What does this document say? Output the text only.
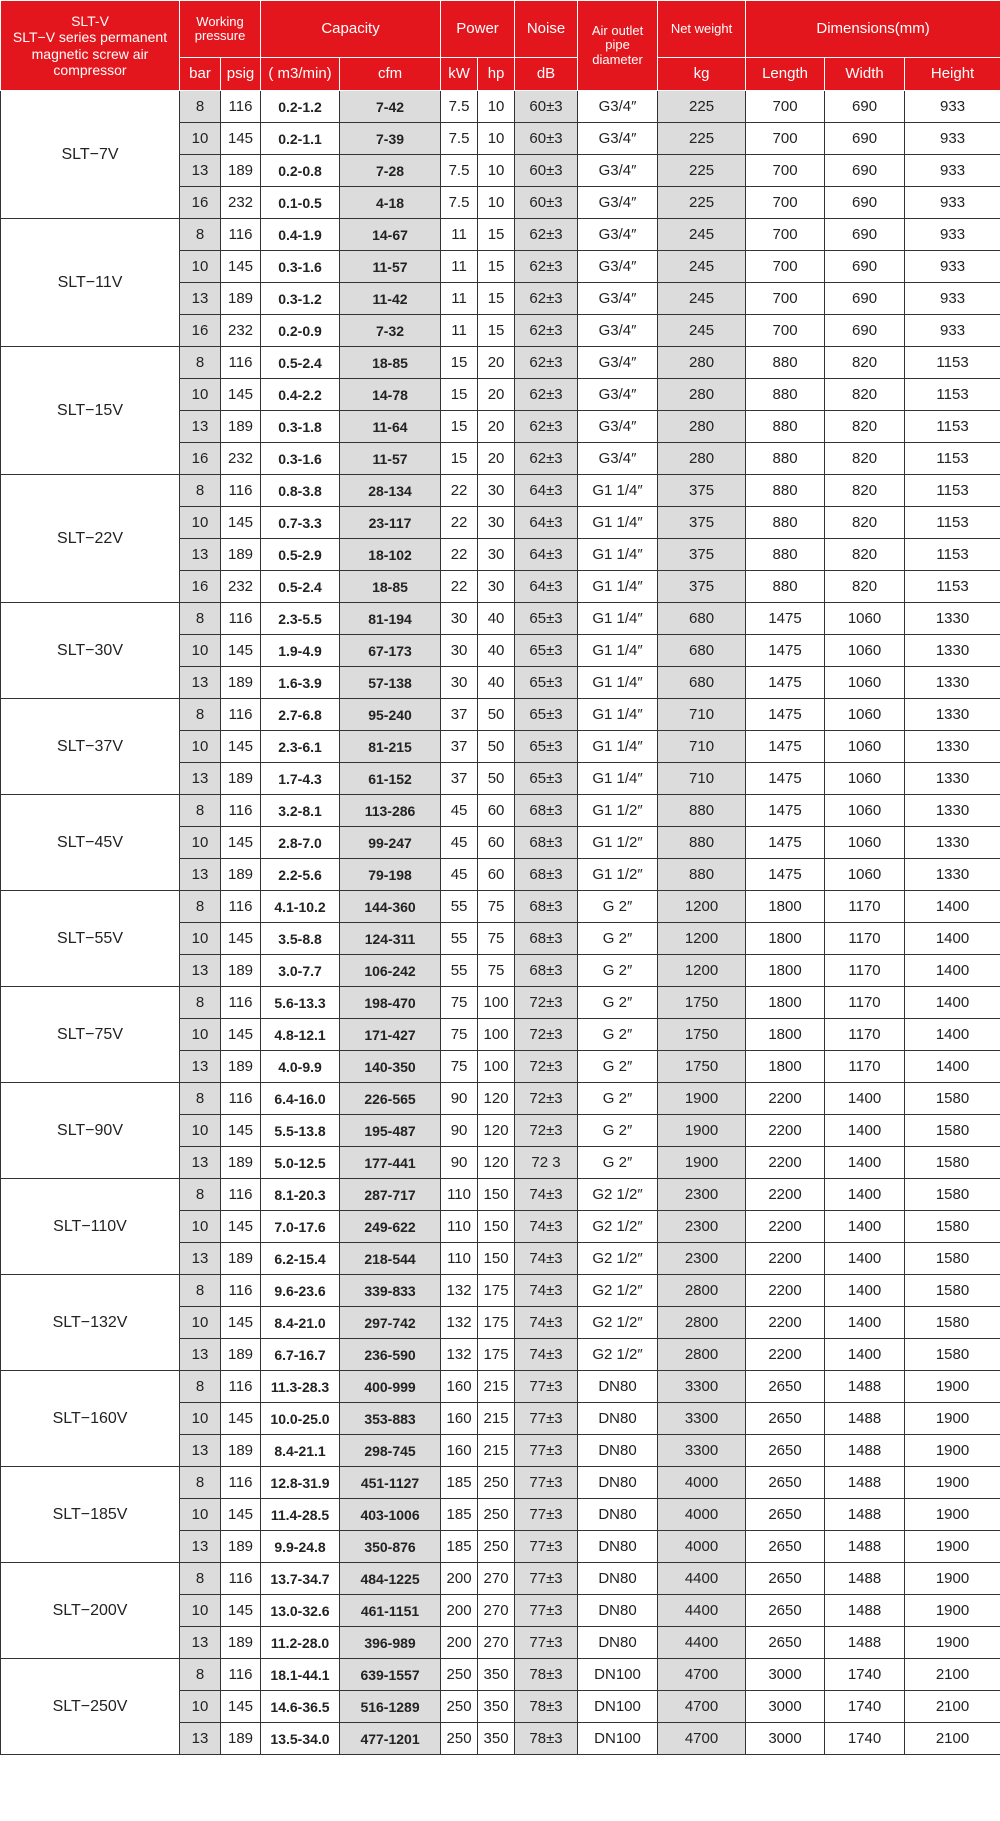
SLT-V
SLT−V series permanent
magnetic screw air
compressor	Working
pressure		Capacity		Power		Noise	Air outlet
pipe
diameter	Net weight	Dimensions(mm)		
	bar	psig	( m3/min)	cfm	kW	hp	dB		kg	Length	Width	Height
SLT−7V	8	116	0.2-1.2	7-42	7.5	10	60±3	G3/4″	225	700	690	933
	10	145	0.2-1.1	7-39	7.5	10	60±3	G3/4″	225	700	690	933
	13	189	0.2-0.8	7-28	7.5	10	60±3	G3/4″	225	700	690	933
	16	232	0.1-0.5	4-18	7.5	10	60±3	G3/4″	225	700	690	933
SLT−11V	8	116	0.4-1.9	14-67	11	15	62±3	G3/4″	245	700	690	933
	10	145	0.3-1.6	11-57	11	15	62±3	G3/4″	245	700	690	933
	13	189	0.3-1.2	11-42	11	15	62±3	G3/4″	245	700	690	933
	16	232	0.2-0.9	7-32	11	15	62±3	G3/4″	245	700	690	933
SLT−15V	8	116	0.5-2.4	18-85	15	20	62±3	G3/4″	280	880	820	1153
	10	145	0.4-2.2	14-78	15	20	62±3	G3/4″	280	880	820	1153
	13	189	0.3-1.8	11-64	15	20	62±3	G3/4″	280	880	820	1153
	16	232	0.3-1.6	11-57	15	20	62±3	G3/4″	280	880	820	1153
SLT−22V	8	116	0.8-3.8	28-134	22	30	64±3	G1 1/4″	375	880	820	1153
	10	145	0.7-3.3	23-117	22	30	64±3	G1 1/4″	375	880	820	1153
	13	189	0.5-2.9	18-102	22	30	64±3	G1 1/4″	375	880	820	1153
	16	232	0.5-2.4	18-85	22	30	64±3	G1 1/4″	375	880	820	1153
SLT−30V	8	116	2.3-5.5	81-194	30	40	65±3	G1 1/4″	680	1475	1060	1330
	10	145	1.9-4.9	67-173	30	40	65±3	G1 1/4″	680	1475	1060	1330
	13	189	1.6-3.9	57-138	30	40	65±3	G1 1/4″	680	1475	1060	1330
SLT−37V	8	116	2.7-6.8	95-240	37	50	65±3	G1 1/4″	710	1475	1060	1330
	10	145	2.3-6.1	81-215	37	50	65±3	G1 1/4″	710	1475	1060	1330
	13	189	1.7-4.3	61-152	37	50	65±3	G1 1/4″	710	1475	1060	1330
SLT−45V	8	116	3.2-8.1	113-286	45	60	68±3	G1 1/2″	880	1475	1060	1330
	10	145	2.8-7.0	99-247	45	60	68±3	G1 1/2″	880	1475	1060	1330
	13	189	2.2-5.6	79-198	45	60	68±3	G1 1/2″	880	1475	1060	1330
SLT−55V	8	116	4.1-10.2	144-360	55	75	68±3	G 2″	1200	1800	1170	1400
	10	145	3.5-8.8	124-311	55	75	68±3	G 2″	1200	1800	1170	1400
	13	189	3.0-7.7	106-242	55	75	68±3	G 2″	1200	1800	1170	1400
SLT−75V	8	116	5.6-13.3	198-470	75	100	72±3	G 2″	1750	1800	1170	1400
	10	145	4.8-12.1	171-427	75	100	72±3	G 2″	1750	1800	1170	1400
	13	189	4.0-9.9	140-350	75	100	72±3	G 2″	1750	1800	1170	1400
SLT−90V	8	116	6.4-16.0	226-565	90	120	72±3	G 2″	1900	2200	1400	1580
	10	145	5.5-13.8	195-487	90	120	72±3	G 2″	1900	2200	1400	1580
	13	189	5.0-12.5	177-441	90	120	72 3	G 2″	1900	2200	1400	1580
SLT−110V	8	116	8.1-20.3	287-717	110	150	74±3	G2 1/2″	2300	2200	1400	1580
	10	145	7.0-17.6	249-622	110	150	74±3	G2 1/2″	2300	2200	1400	1580
	13	189	6.2-15.4	218-544	110	150	74±3	G2 1/2″	2300	2200	1400	1580
SLT−132V	8	116	9.6-23.6	339-833	132	175	74±3	G2 1/2″	2800	2200	1400	1580
	10	145	8.4-21.0	297-742	132	175	74±3	G2 1/2″	2800	2200	1400	1580
	13	189	6.7-16.7	236-590	132	175	74±3	G2 1/2″	2800	2200	1400	1580
SLT−160V	8	116	11.3-28.3	400-999	160	215	77±3	DN80	3300	2650	1488	1900
	10	145	10.0-25.0	353-883	160	215	77±3	DN80	3300	2650	1488	1900
	13	189	8.4-21.1	298-745	160	215	77±3	DN80	3300	2650	1488	1900
SLT−185V	8	116	12.8-31.9	451-1127	185	250	77±3	DN80	4000	2650	1488	1900
	10	145	11.4-28.5	403-1006	185	250	77±3	DN80	4000	2650	1488	1900
	13	189	9.9-24.8	350-876	185	250	77±3	DN80	4000	2650	1488	1900
SLT−200V	8	116	13.7-34.7	484-1225	200	270	77±3	DN80	4400	2650	1488	1900
	10	145	13.0-32.6	461-1151	200	270	77±3	DN80	4400	2650	1488	1900
	13	189	11.2-28.0	396-989	200	270	77±3	DN80	4400	2650	1488	1900
SLT−250V	8	116	18.1-44.1	639-1557	250	350	78±3	DN100	4700	3000	1740	2100
	10	145	14.6-36.5	516-1289	250	350	78±3	DN100	4700	3000	1740	2100
	13	189	13.5-34.0	477-1201	250	350	78±3	DN100	4700	3000	1740	2100
